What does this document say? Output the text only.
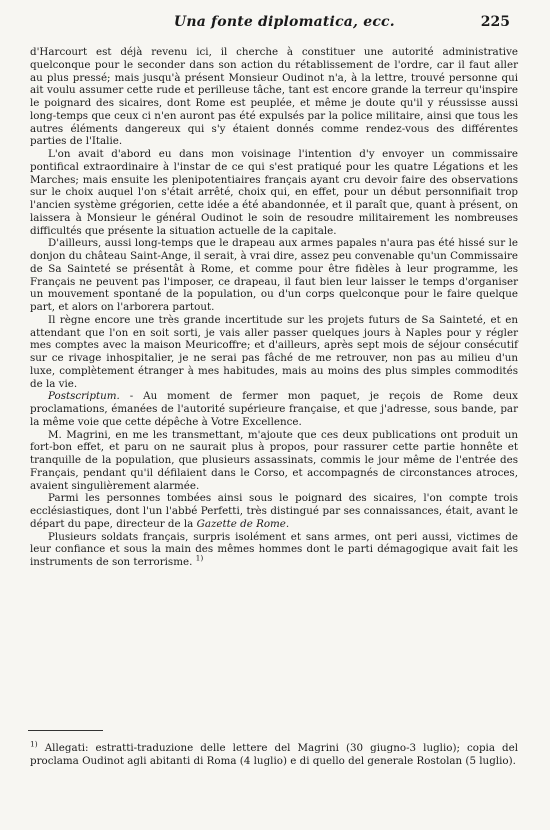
Una fonte diplomatica, ecc.	225

d'Harcourt est déjà revenu ici, il cherche à constituer une autorité administrative quelconque pour le seconder dans son action du rétablissement de l'ordre, car il faut aller au plus pressé; mais jusqu'à présent Monsieur Oudinot n'a, à la lettre, trouvé personne qui ait voulu assumer cette rude et perilleuse tâche, tant est encore grande la terreur qu'inspire le poignard des sicaires, dont Rome est peuplée, et même je doute qu'il y réussisse aussi long-temps que ceux ci n'en auront pas été expulsés par la police militaire, ainsi que tous les autres éléments dangereux qui s'y étaient donnés comme rendez-vous des différentes parties de l'Italie.

L'on avait d'abord eu dans mon voisinage l'intention d'y envoyer un commissaire pontifical extraordinaire à l'instar de ce qui s'est pratiqué pour les quatre Légations et les Marches; mais ensuite les plenipotentiaires français ayant cru devoir faire des observations sur le choix auquel l'on s'était arrêté, choix qui, en effet, pour un début personnifiait trop l'ancien système grégorien, cette idée a été abandonnée, et il paraît que, quant à présent, on laissera à Monsieur le général Oudinot le soin de resoudre militairement les nombreuses difficultés que présente la situation actuelle de la capitale.

D'ailleurs, aussi long-temps que le drapeau aux armes papales n'aura pas été hissé sur le donjon du château Saint-Ange, il serait, à vrai dire, assez peu convenable qu'un Commissaire de Sa Sainteté se présentât à Rome, et comme pour être fidèles à leur programme, les Français ne peuvent pas l'imposer, ce drapeau, il faut bien leur laisser le temps d'organiser un mouvement spontané de la population, ou d'un corps quelconque pour le faire quelque part, et alors on l'arborera partout.

Il règne encore une très grande incertitude sur les projets futurs de Sa Sainteté, et en attendant que l'on en soit sorti, je vais aller passer quelques jours à Naples pour y régler mes comptes avec la maison Meuricoffre; et d'ailleurs, après sept mois de séjour consécutif sur ce rivage inhospitalier, je ne serai pas fâché de me retrouver, non pas au milieu d'un luxe, complètement étranger à mes habitudes, mais au moins des plus simples commodités de la vie.

Postscriptum. - Au moment de fermer mon paquet, je reçois de Rome deux proclamations, émanées de l'autorité supérieure française, et que j'adresse, sous bande, par la même voie que cette dépêche à Votre Excellence.

M. Magrini, en me les transmettant, m'ajoute que ces deux publications ont produit un fort-bon effet, et paru on ne saurait plus à propos, pour rassurer cette partie honnête et tranquille de la population, que plusieurs assassinats, commis le jour même de l'entrée des Français, pendant qu'il défilaient dans le Corso, et accompagnés de circonstances atroces, avaient singulièrement alarmée.

Parmi les personnes tombées ainsi sous le poignard des sicaires, l'on compte trois ecclésiastiques, dont l'un l'abbé Perfetti, très distingué par ses connaissances, était, avant le départ du pape, directeur de la Gazette de Rome.

Plusieurs soldats français, surpris isolément et sans armes, ont peri aussi, victimes de leur confiance et sous la main des mêmes hommes dont le parti démagogique avait fait les instruments de son terrorisme. $^{1)}$

$^{1)}$ Allegati: estratti-traduzione delle lettere del Magrini (30 giugno-3 luglio); copia del proclama Oudinot agli abitanti di Roma (4 luglio) e di quello del generale Rostolan (5 luglio).
